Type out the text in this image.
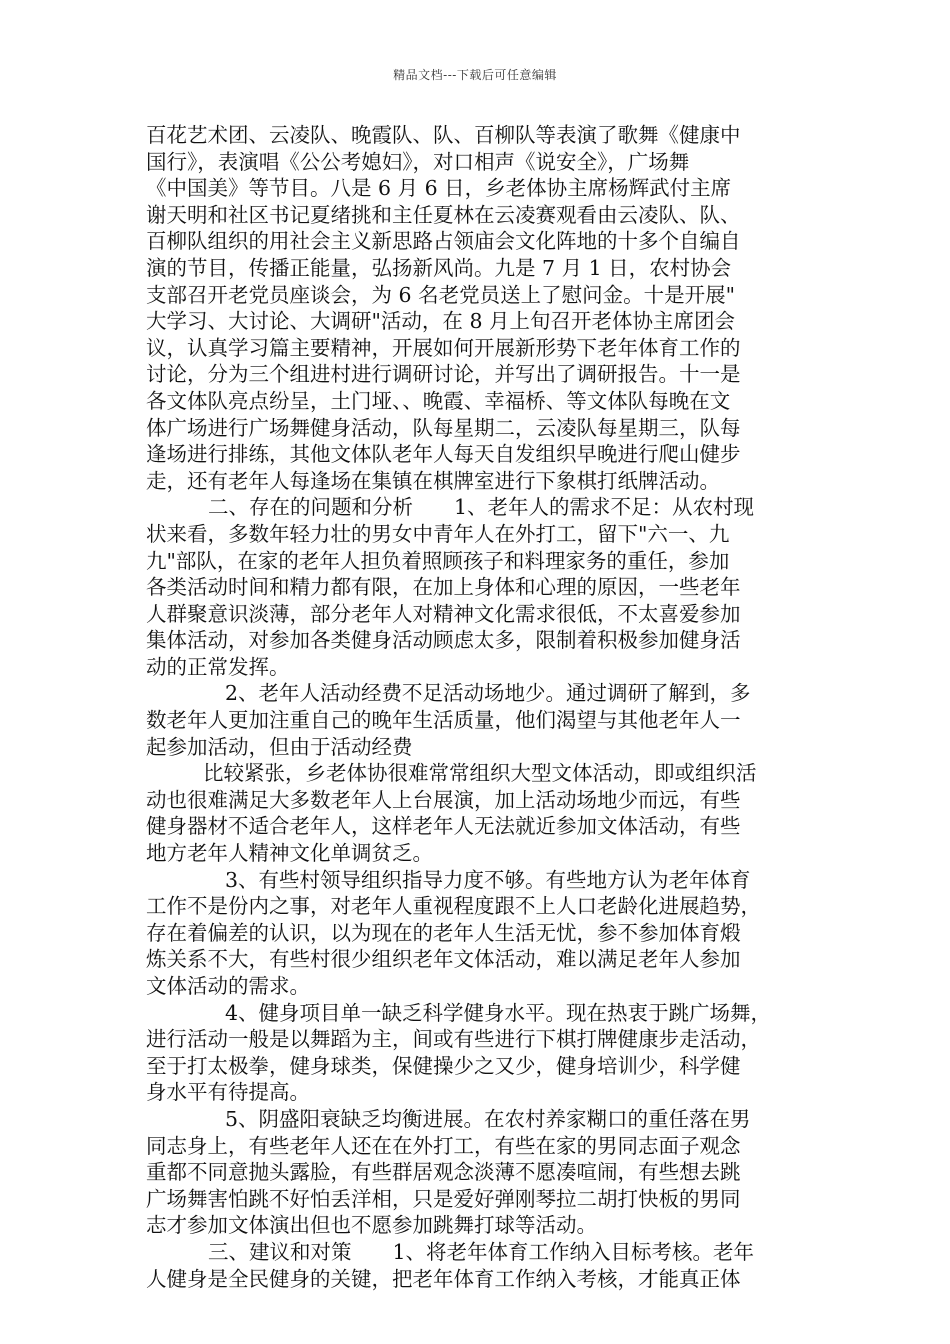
精品文档---下载后可任意编辑
百花艺术团、云凌队、晚霞队、队、百柳队等表演了歌舞《健康中
国行》，表演唱《公公考媳妇》，对口相声《说安全》，广场舞
《中国美》等节目。八是 6 月 6 日，乡老体协主席杨辉武付主席
谢天明和社区书记夏绪挑和主任夏林在云凌赛观看由云凌队、队、
百柳队组织的用社会主义新思路占领庙会文化阵地的十多个自编自
演的节目，传播正能量，弘扬新风尚。九是 7 月 1 日，农村协会
支部召开老党员座谈会，为 6 名老党员送上了慰问金。十是开展"
大学习、大讨论、大调研"活动，在 8 月上旬召开老体协主席团会
议，认真学习篇主要精神，开展如何开展新形势下老年体育工作的
讨论，分为三个组进村进行调研讨论，并写出了调研报告。十一是
各文体队亮点纷呈，土门垭、、晚霞、幸福桥、等文体队每晚在文
体广场进行广场舞健身活动，队每星期二，云凌队每星期三，队每
逢场进行排练，其他文体队老年人每天自发组织早晚进行爬山健步
走，还有老年人每逢场在集镇在棋牌室进行下象棋打纸牌活动。
二、存在的问题和分析　　1、老年人的需求不足：从农村现
状来看，多数年轻力壮的男女中青年人在外打工，留下"六一、九
九"部队，在家的老年人担负着照顾孩子和料理家务的重任，参加
各类活动时间和精力都有限，在加上身体和心理的原因，一些老年
人群聚意识淡薄，部分老年人对精神文化需求很低，不太喜爱参加
集体活动，对参加各类健身活动顾虑太多，限制着积极参加健身活
动的正常发挥。
2、老年人活动经费不足活动场地少。通过调研了解到，多
数老年人更加注重自己的晚年生活质量，他们渴望与其他老年人一
起参加活动，但由于活动经费
比较紧张，乡老体协很难常常组织大型文体活动，即或组织活
动也很难满足大多数老年人上台展演，加上活动场地少而远，有些
健身器材不适合老年人，这样老年人无法就近参加文体活动，有些
地方老年人精神文化单调贫乏。
3、有些村领导组织指导力度不够。有些地方认为老年体育
工作不是份内之事，对老年人重视程度跟不上人口老龄化进展趋势，
存在着偏差的认识，以为现在的老年人生活无忧，参不参加体育煅
炼关系不大，有些村很少组织老年文体活动，难以满足老年人参加
文体活动的需求。
4、健身项目单一缺乏科学健身水平。现在热衷于跳广场舞，
进行活动一般是以舞蹈为主，间或有些进行下棋打牌健康步走活动，
至于打太极拳，健身球类，保健操少之又少，健身培训少，科学健
身水平有待提高。
5、阴盛阳衰缺乏均衡进展。在农村养家糊口的重任落在男
同志身上，有些老年人还在在外打工，有些在家的男同志面子观念
重都不同意抛头露脸，有些群居观念淡薄不愿凑喧闹，有些想去跳
广场舞害怕跳不好怕丢洋相，只是爱好弹刚琴拉二胡打快板的男同
志才参加文体演出但也不愿参加跳舞打球等活动。
三、建议和对策　　1、将老年体育工作纳入目标考核。老年
人健身是全民健身的关键，把老年体育工作纳入考核，才能真正体
